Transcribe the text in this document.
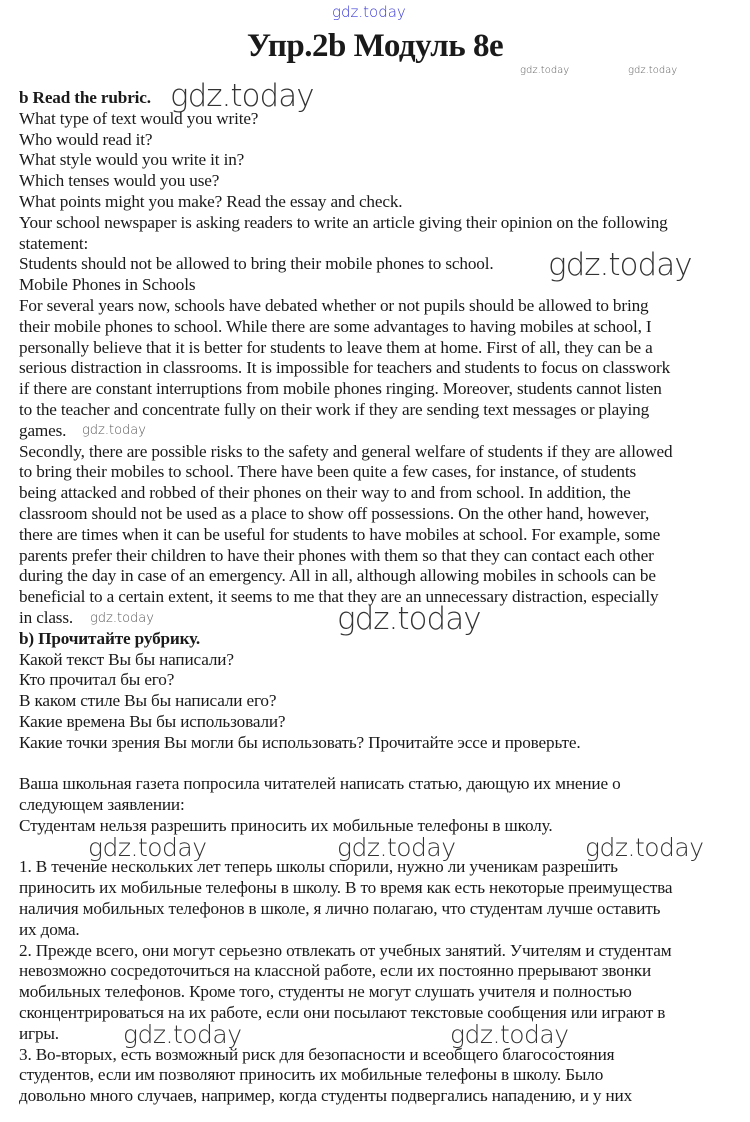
gdz.today
Упр.2b Модуль 8e
gdz.today	gdz.today
b Read the rubric.
What type of text would you write?
Who would read it?
What style would you write it in?
Which tenses would you use?
What points might you make? Read the essay and check.
Your school newspaper is asking readers to write an article giving their opinion on the following
statement:
Students should not be allowed to bring their mobile phones to school.
Mobile Phones in Schools
For several years now, schools have debated whether or not pupils should be allowed to bring
their mobile phones to school. While there are some advantages to having mobiles at school, I
personally believe that it is better for students to leave them at home. First of all, they can be a
serious distraction in classrooms. It is impossible for teachers and students to focus on classwork
if there are constant interruptions from mobile phones ringing. Moreover, students cannot listen
to the teacher and concentrate fully on their work if they are sending text messages or playing
games.
Secondly, there are possible risks to the safety and general welfare of students if they are allowed
to bring their mobiles to school. There have been quite a few cases, for instance, of students
being attacked and robbed of their phones on their way to and from school. In addition, the
classroom should not be used as a place to show off possessions. On the other hand, however,
there are times when it can be useful for students to have mobiles at school. For example, some
parents prefer their children to have their phones with them so that they can contact each other
during the day in case of an emergency. All in all, although allowing mobiles in schools can be
beneficial to a certain extent, it seems to me that they are an unnecessary distraction, especially
in class.
b) Прочитайте рубрику.
Какой текст Вы бы написали?
Кто прочитал бы его?
В каком стиле Вы бы написали его?
Какие времена Вы бы использовали?
Какие точки зрения Вы могли бы использовать? Прочитайте эссе и проверьте.
Ваша школьная газета попросила читателей написать статью, дающую их мнение о
следующем заявлении:
Студентам нельзя разрешить приносить их мобильные телефоны в школу.
1. В течение нескольких лет теперь школы спорили, нужно ли ученикам разрешить
приносить их мобильные телефоны в школу. В то время как есть некоторые преимущества
наличия мобильных телефонов в школе, я лично полагаю, что студентам лучше оставить
их дома.
2. Прежде всего, они могут серьезно отвлекать от учебных занятий. Учителям и студентам
невозможно сосредоточиться на классной работе, если их постоянно прерывают звонки
мобильных телефонов. Кроме того, студенты не могут слушать учителя и полностью
сконцентрироваться на их работе, если они посылают текстовые сообщения или играют в
игры.
3. Во-вторых, есть возможный риск для безопасности и всеобщего благосостояния
студентов, если им позволяют приносить их мобильные телефоны в школу. Было
довольно много случаев, например, когда студенты подвергались нападению, и у них
gdz.today
gdz.today
gdz.today
gdz.today	gdz.today
gdz.today	gdz.today	gdz.today
gdz.today	gdz.today
